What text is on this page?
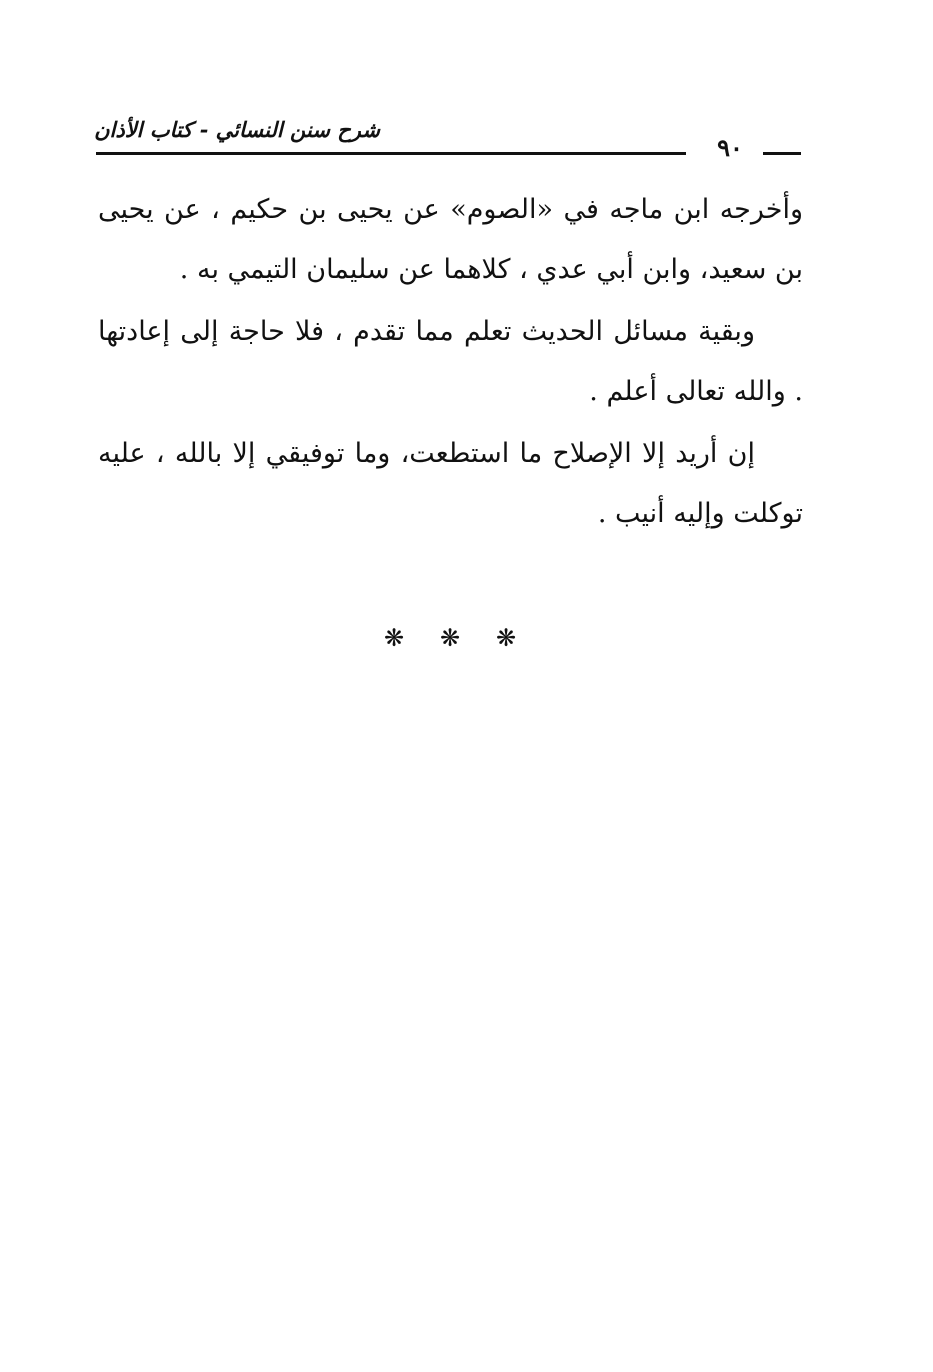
شرح سنن النسائي - كتاب الأذان
٩٠

وأخرجه ابن ماجه في «الصوم» عن يحيى بن حكيم ، عن يحيى بن سعيد، وابن أبي عدي ، كلاهما عن سليمان التيمي به .

وبقية مسائل الحديث تعلم مما تقدم ، فلا حاجة إلى إعادتها . والله تعالى أعلم .

إن أريد إلا الإصلاح ما استطعت، وما توفيقي إلا بالله ، عليه توكلت وإليه أنيب .

❋ ❋ ❋
